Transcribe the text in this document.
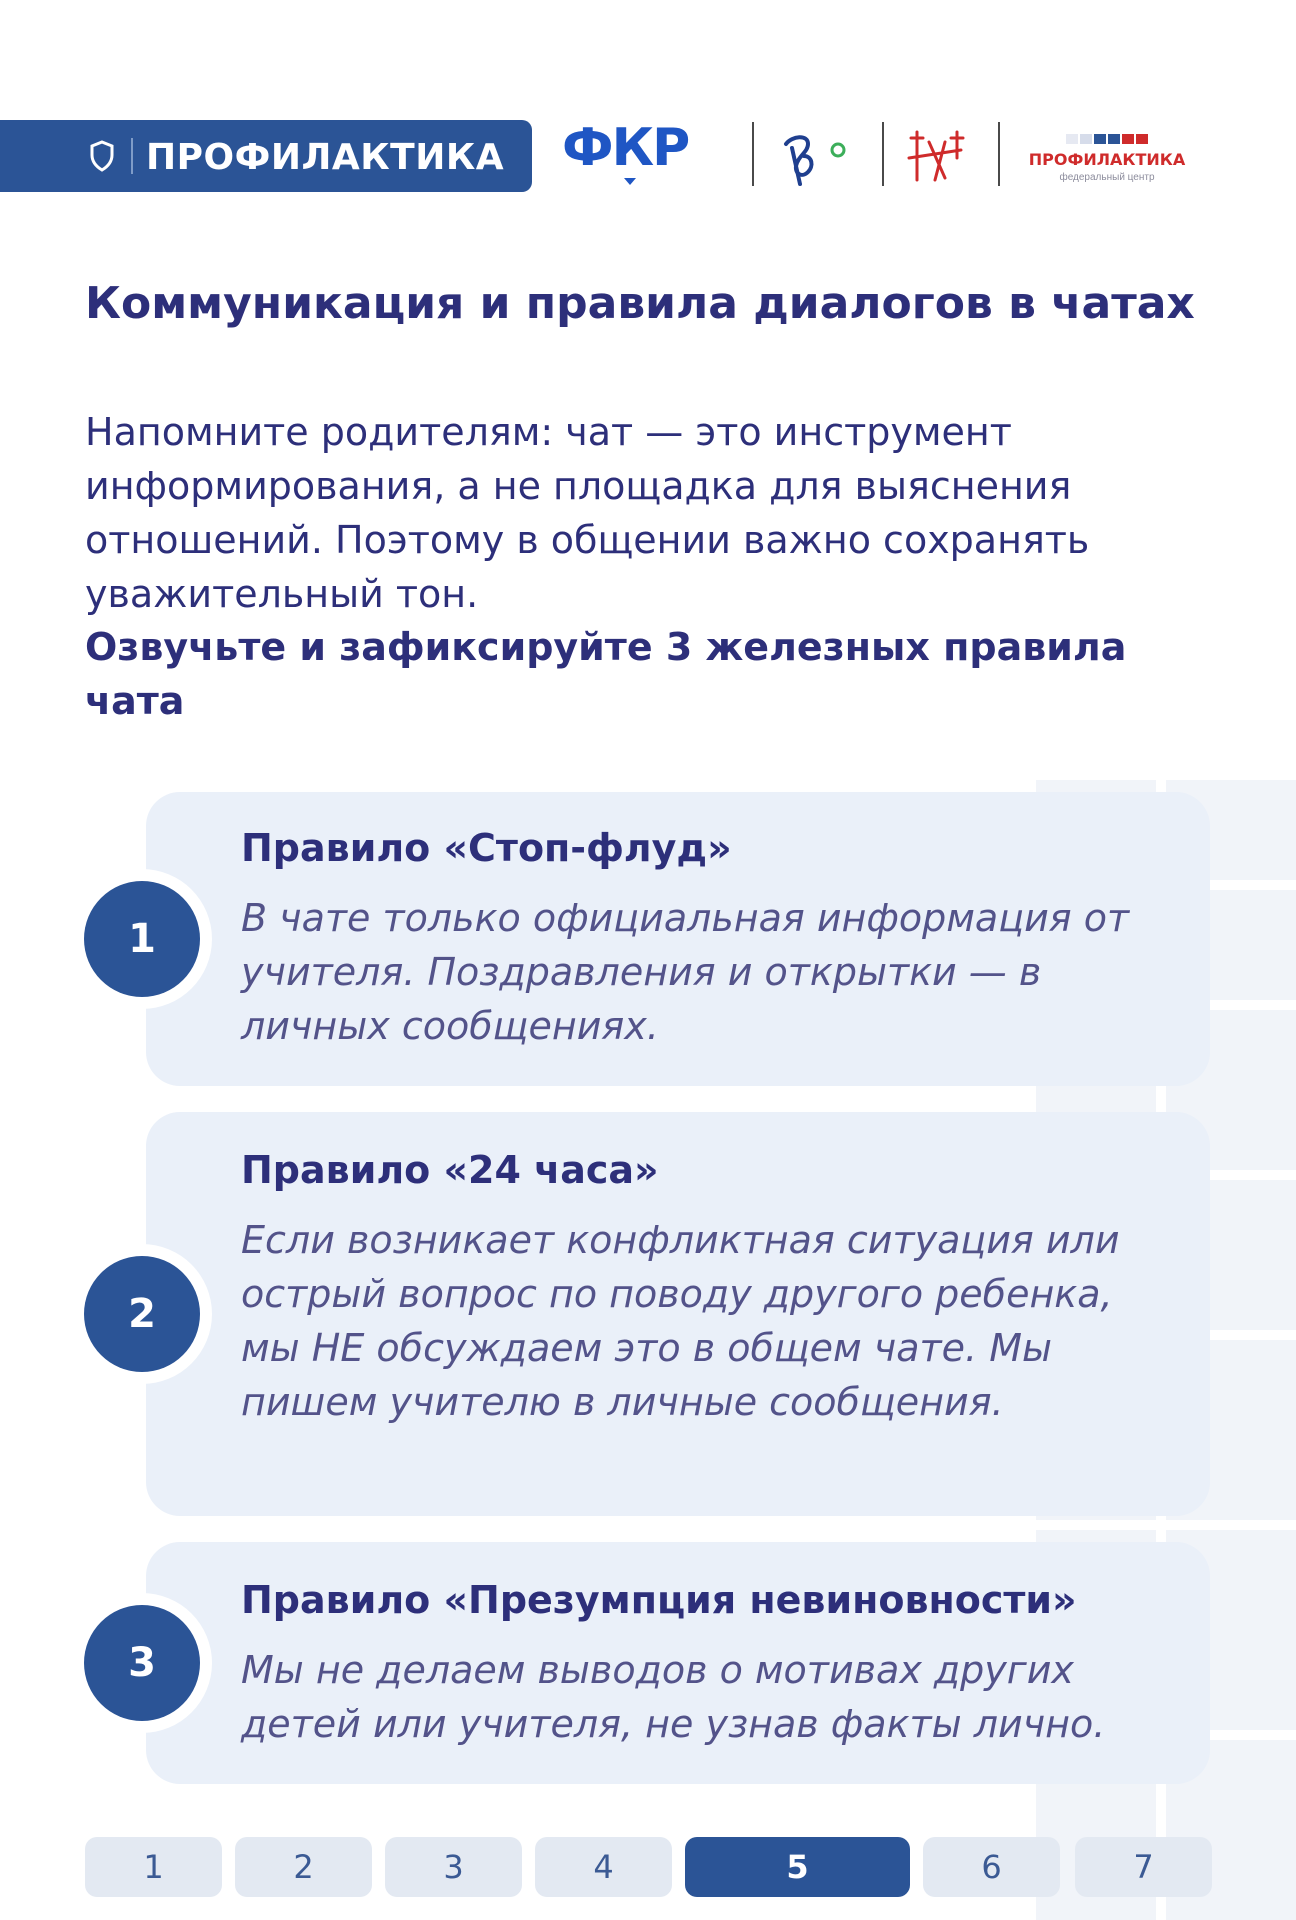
ПРОФИЛАКТИКА ФКР	ПРОФИЛАКТИКА
федеральный центр
Коммуникация и правила диалогов в чатах
Напомните родителям: чат — это инструмент информирования, а не площадка для выяснения отношений. Поэтому в общении важно сохранять уважительный тон.
Озвучьте и зафиксируйте 3 железных правила чата
1
Правило «Стоп-флуд»
В чате только официальная информация от учителя. Поздравления и открытки — в личных сообщениях.
2
Правило «24 часа»
Если возникает конфликтная ситуация или острый вопрос по поводу другого ребенка, мы НЕ обсуждаем это в общем чате. Мы пишем учителю в личные сообщения.
3
Правило «Презумпция невиновности»
Мы не делаем выводов о мотивах других детей или учителя, не узнав факты лично.
1	2	3	4	5	6	7
